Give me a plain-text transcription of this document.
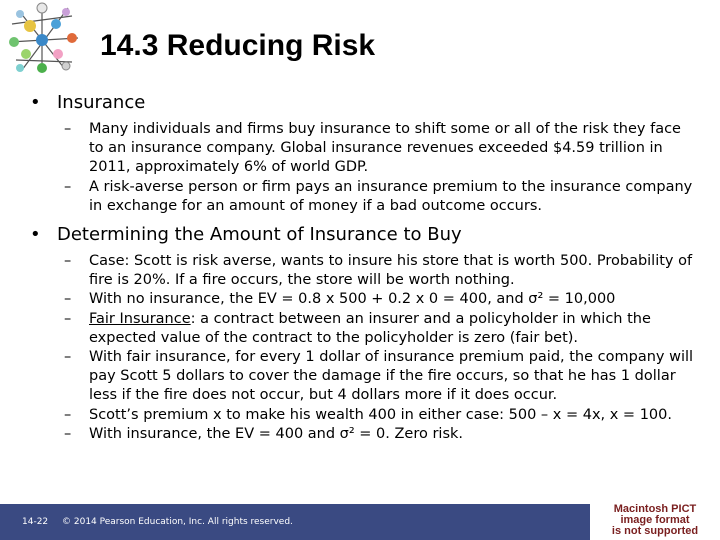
14.3 Reducing Risk
• Insurance
– Many individuals and firms buy insurance to shift some or all of the risk they face to an insurance company. Global insurance revenues exceeded $4.59 trillion in 2011, approximately 6% of world GDP.
– A risk-averse person or firm pays an insurance premium to the insurance company in exchange for an amount of money if a bad outcome occurs.
• Determining the Amount of Insurance to Buy
– Case: Scott is risk averse, wants to insure his store that is worth 500. Probability of fire is 20%. If a fire occurs, the store will be worth nothing.
– With no insurance, the EV = 0.8 x 500 + 0.2 x 0 = 400, and σ² = 10,000
– Fair Insurance: a contract between an insurer and a policyholder in which the expected value of the contract to the policyholder is zero (fair bet).
– With fair insurance, for every 1 dollar of insurance premium paid, the company will pay Scott 5 dollars to cover the damage if the fire occurs, so that he has 1 dollar less if the fire does not occur, but 4 dollars more if it does occur.
– Scott’s premium x to make his wealth 400 in either case: 500 – x = 4x, x = 100.
– With insurance, the EV = 400 and σ² = 0. Zero risk.
14-22 © 2014 Pearson Education, Inc. All rights reserved.
Macintosh PICT
image format
is not supported
